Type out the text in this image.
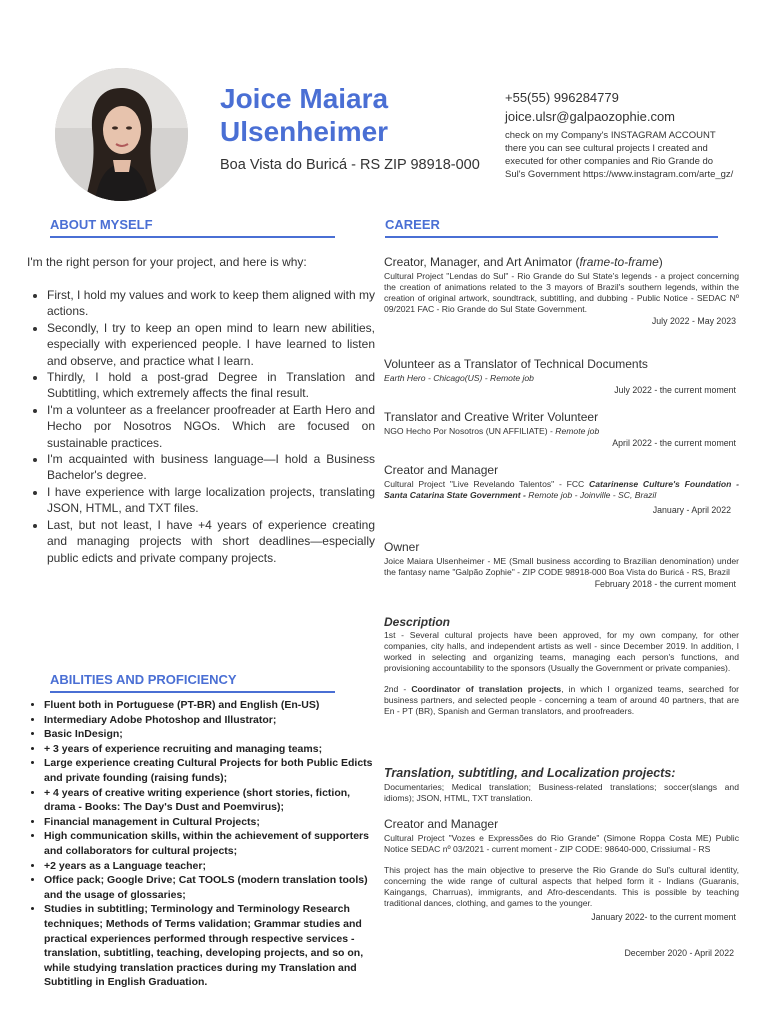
Joice Maiara Ulsenheimer

Boa Vista do Buricá - RS ZIP 98918-000

+55(55) 996284779
joice.ulsr@galpaozophie.com
check on my Company's INSTAGRAM ACCOUNT there you can see cultural projects I created and executed for other companies and Rio Grande do Sul's Government https://www.instagram.com/arte_gz/
ABOUT MYSELF

I'm the right person for your project, and here is why:

• First, I hold my values and work to keep them aligned with my actions.
• Secondly, I try to keep an open mind to learn new abilities, especially with experienced people. I have learned to listen and observe, and practice what I learn.
• Thirdly, I hold a post-grad Degree in Translation and Subtitling, which extremely affects the final result.
• I'm a volunteer as a freelancer proofreader at Earth Hero and Hecho por Nosotros NGOs. Which are focused on sustainable practices.
• I'm acquainted with business language—I hold a Business Bachelor's degree.
• I have experience with large localization projects, translating JSON, HTML, and TXT files.
• Last, but not least, I have +4 years of experience creating and managing projects with short deadlines—especially public edicts and private company projects.
ABILITIES AND PROFICIENCY
• Fluent both in Portuguese (PT-BR) and English (En-US)
• Intermediary Adobe Photoshop and Illustrator;
• Basic InDesign;
• + 3 years of experience recruiting and managing teams;
• Large experience creating Cultural Projects for both Public Edicts and private founding (raising funds);
• + 4 years of creative writing experience (short stories, fiction, drama - Books: The Day's Dust and Poemvirus);
• Financial management in Cultural Projects;
• High communication skills, within the achievement of supporters and collaborators for cultural projects;
• +2 years as a Language teacher;
• Office pack; Google Drive; Cat TOOLS (modern translation tools) and the usage of glossaries;
• Studies in subtitling; Terminology and Terminology Research techniques; Methods of Terms validation; Grammar studies and practical experiences performed through respective services - translation, subtitling, teaching, developing projects, and so on, while studying translation practices during my Translation and Subtitling in English Graduation.
CAREER

Creator, Manager, and Art Animator (frame-to-frame)

Cultural Project "Lendas do Sul" - Rio Grande do Sul State's legends - a project concerning the creation of animations related to the 3 mayors of Brazil's southern legends, within the creation of original artwork, soundtrack, subtitling, and dubbing - Public Notice - SEDAC Nº 09/2021 FAC - Rio Grande do Sul State Government.

July 2022 - May 2023

Volunteer as a Translator of Technical Documents

Earth Hero - Chicago(US) - Remote job

July 2022 - the current moment

Translator and Creative Writer Volunteer

NGO Hecho Por Nosotros (UN AFFILIATE) - Remote job

April 2022 - the current moment

Creator and Manager

Cultural Project "Live Revelando Talentos" - FCC Catarinense Culture's Foundation - Santa Catarina State Government - Remote job - Joinville - SC, Brazil

January - April 2022

Owner

Joice Maiara Ulsenheimer - ME (Small business according to Brazilian denomination) under the fantasy name "Galpão Zophie" - ZIP CODE 98918-000 Boa Vista do Buricá - RS, Brazil

February 2018 - the current moment

Description

1st - Several cultural projects have been approved, for my own company, for other companies, city halls, and independent artists as well - since December 2019. In addition, I worked in selecting and organizing teams, managing each person's functions, and provisioning accountability to the sponsors (Usually the Government or private companies).

2nd - Coordinator of translation projects, in which I organized teams, searched for business partners, and selected people - concerning a team of around 40 partners, that are En - PT (BR), Spanish and German translators, and proofreaders.

Translation, subtitling, and Localization projects:

Documentaries; Medical translation; Business-related translations; soccer(slangs and idioms); JSON, HTML, TXT translation.

Creator and Manager

Cultural Project "Vozes e Expressões do Rio Grande" (Simone Roppa Costa ME) Public Notice SEDAC nº 03/2021 - current moment - ZIP CODE: 98640-000, Crissiumal - RS

This project has the main objective to preserve the Rio Grande do Sul's cultural identity, concerning the wide range of cultural aspects that helped form it - Indians (Guaranis, Kaingangs, Charruas), immigrants, and Afro-descendants. This is possible by teaching traditional dances, clothing, and games to the younger.

January 2022- to the current moment

December 2020 - April 2022
